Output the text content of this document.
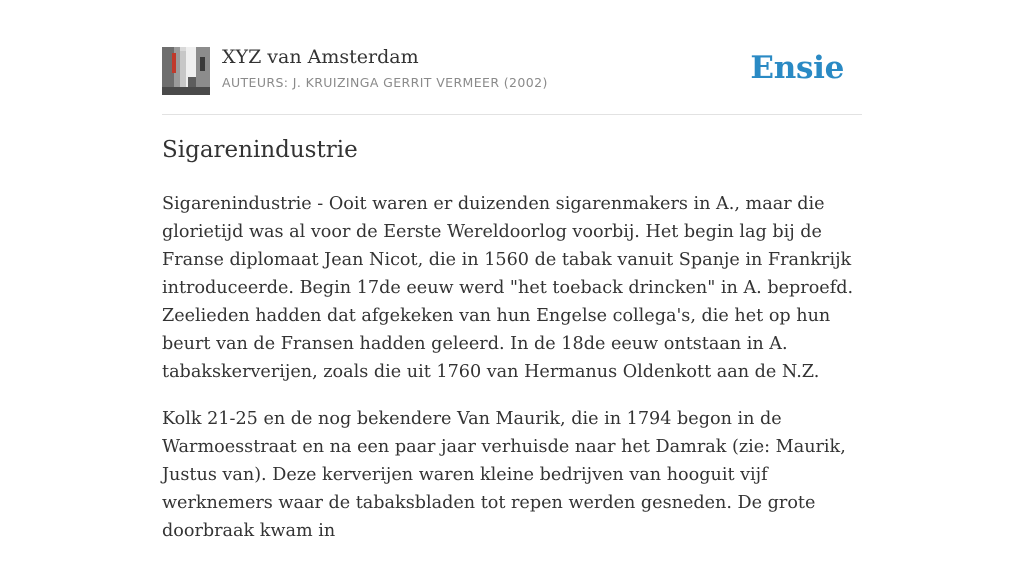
XYZ van Amsterdam
AUTEURS: J. KRUIZINGA GERRIT VERMEER (2002)	Ensie
Sigarenindustrie

Sigarenindustrie - Ooit waren er duizenden sigarenmakers in A., maar die glorietijd was al voor de Eerste Wereldoorlog voorbij. Het begin lag bij de Franse diplomaat Jean Nicot, die in 1560 de tabak vanuit Spanje in Frankrijk introduceerde. Begin 17de eeuw werd "het toeback drincken" in A. beproefd. Zeelieden hadden dat afgekeken van hun Engelse collega's, die het op hun beurt van de Fransen hadden geleerd. In de 18de eeuw ontstaan in A. tabakskerverijen, zoals die uit 1760 van Hermanus Oldenkott aan de N.Z.

Kolk 21-25 en de nog bekendere Van Maurik, die in 1794 begon in de Warmoesstraat en na een paar jaar verhuisde naar het Damrak (zie: Maurik, Justus van). Deze kerverijen waren kleine bedrijven van hooguit vijf werknemers waar de tabaksbladen tot repen werden gesneden. De grote doorbraak kwam in
